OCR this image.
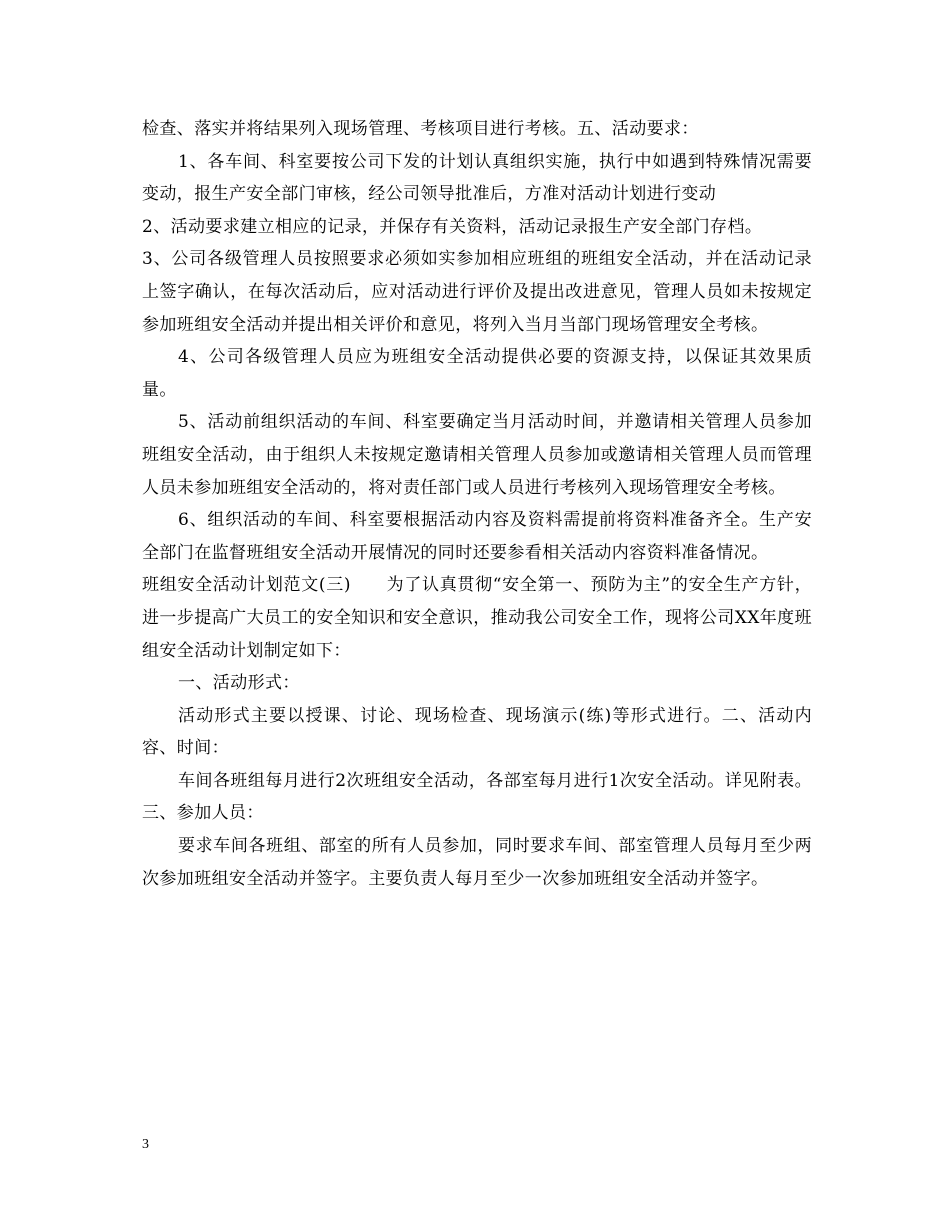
检查、落实并将结果列入现场管理、考核项目进行考核。五、活动要求：

1、各车间、科室要按公司下发的计划认真组织实施，执行中如遇到特殊情况需要变动，报生产安全部门审核，经公司领导批准后，方准对活动计划进行变动

2、活动要求建立相应的记录，并保存有关资料，活动记录报生产安全部门存档。

3、公司各级管理人员按照要求必须如实参加相应班组的班组安全活动，并在活动记录上签字确认，在每次活动后，应对活动进行评价及提出改进意见，管理人员如未按规定参加班组安全活动并提出相关评价和意见，将列入当月当部门现场管理安全考核。

4、公司各级管理人员应为班组安全活动提供必要的资源支持，以保证其效果质量。

5、活动前组织活动的车间、科室要确定当月活动时间，并邀请相关管理人员参加班组安全活动，由于组织人未按规定邀请相关管理人员参加或邀请相关管理人员而管理人员未参加班组安全活动的，将对责任部门或人员进行考核列入现场管理安全考核。

6、组织活动的车间、科室要根据活动内容及资料需提前将资料准备齐全。生产安全部门在监督班组安全活动开展情况的同时还要参看相关活动内容资料准备情况。

班组安全活动计划范文(三)　　为了认真贯彻“安全第一、预防为主”的安全生产方针，进一步提高广大员工的安全知识和安全意识，推动我公司安全工作，现将公司XX年度班组安全活动计划制定如下：

一、活动形式：

活动形式主要以授课、讨论、现场检查、现场演示(练)等形式进行。二、活动内容、时间：

车间各班组每月进行2次班组安全活动，各部室每月进行1次安全活动。详见附表。三、参加人员：

要求车间各班组、部室的所有人员参加，同时要求车间、部室管理人员每月至少两次参加班组安全活动并签字。主要负责人每月至少一次参加班组安全活动并签字。

3
